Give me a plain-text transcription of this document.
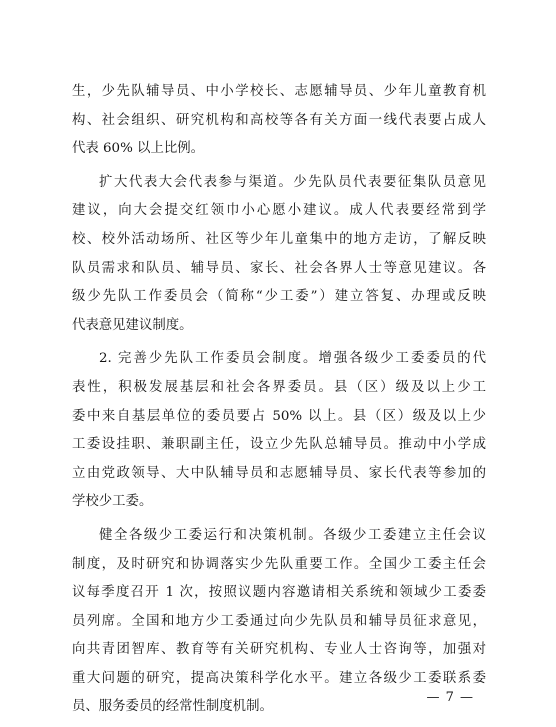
生，少先队辅导员、中小学校长、志愿辅导员、少年儿童教育机
构、社会组织、研究机构和高校等各有关方面一线代表要占成人
代表 60% 以上比例。
扩大代表大会代表参与渠道。少先队员代表要征集队员意见
建议，向大会提交红领巾小心愿小建议。成人代表要经常到学
校、校外活动场所、社区等少年儿童集中的地方走访，了解反映
队员需求和队员、辅导员、家长、社会各界人士等意见建议。各
级少先队工作委员会（简称“少工委”）建立答复、办理或反映
代表意见建议制度。
2. 完善少先队工作委员会制度。增强各级少工委委员的代
表性，积极发展基层和社会各界委员。县（区）级及以上少工
委中来自基层单位的委员要占 50% 以上。县（区）级及以上少
工委设挂职、兼职副主任，设立少先队总辅导员。推动中小学成
立由党政领导、大中队辅导员和志愿辅导员、家长代表等参加的
学校少工委。
健全各级少工委运行和决策机制。各级少工委建立主任会议
制度，及时研究和协调落实少先队重要工作。全国少工委主任会
议每季度召开 1 次，按照议题内容邀请相关系统和领域少工委委
员列席。全国和地方少工委通过向少先队员和辅导员征求意见，
向共青团智库、教育等有关研究机构、专业人士咨询等，加强对
重大问题的研究，提高决策科学化水平。建立各级少工委联系委
员、服务委员的经常性制度机制。
— 7 —
